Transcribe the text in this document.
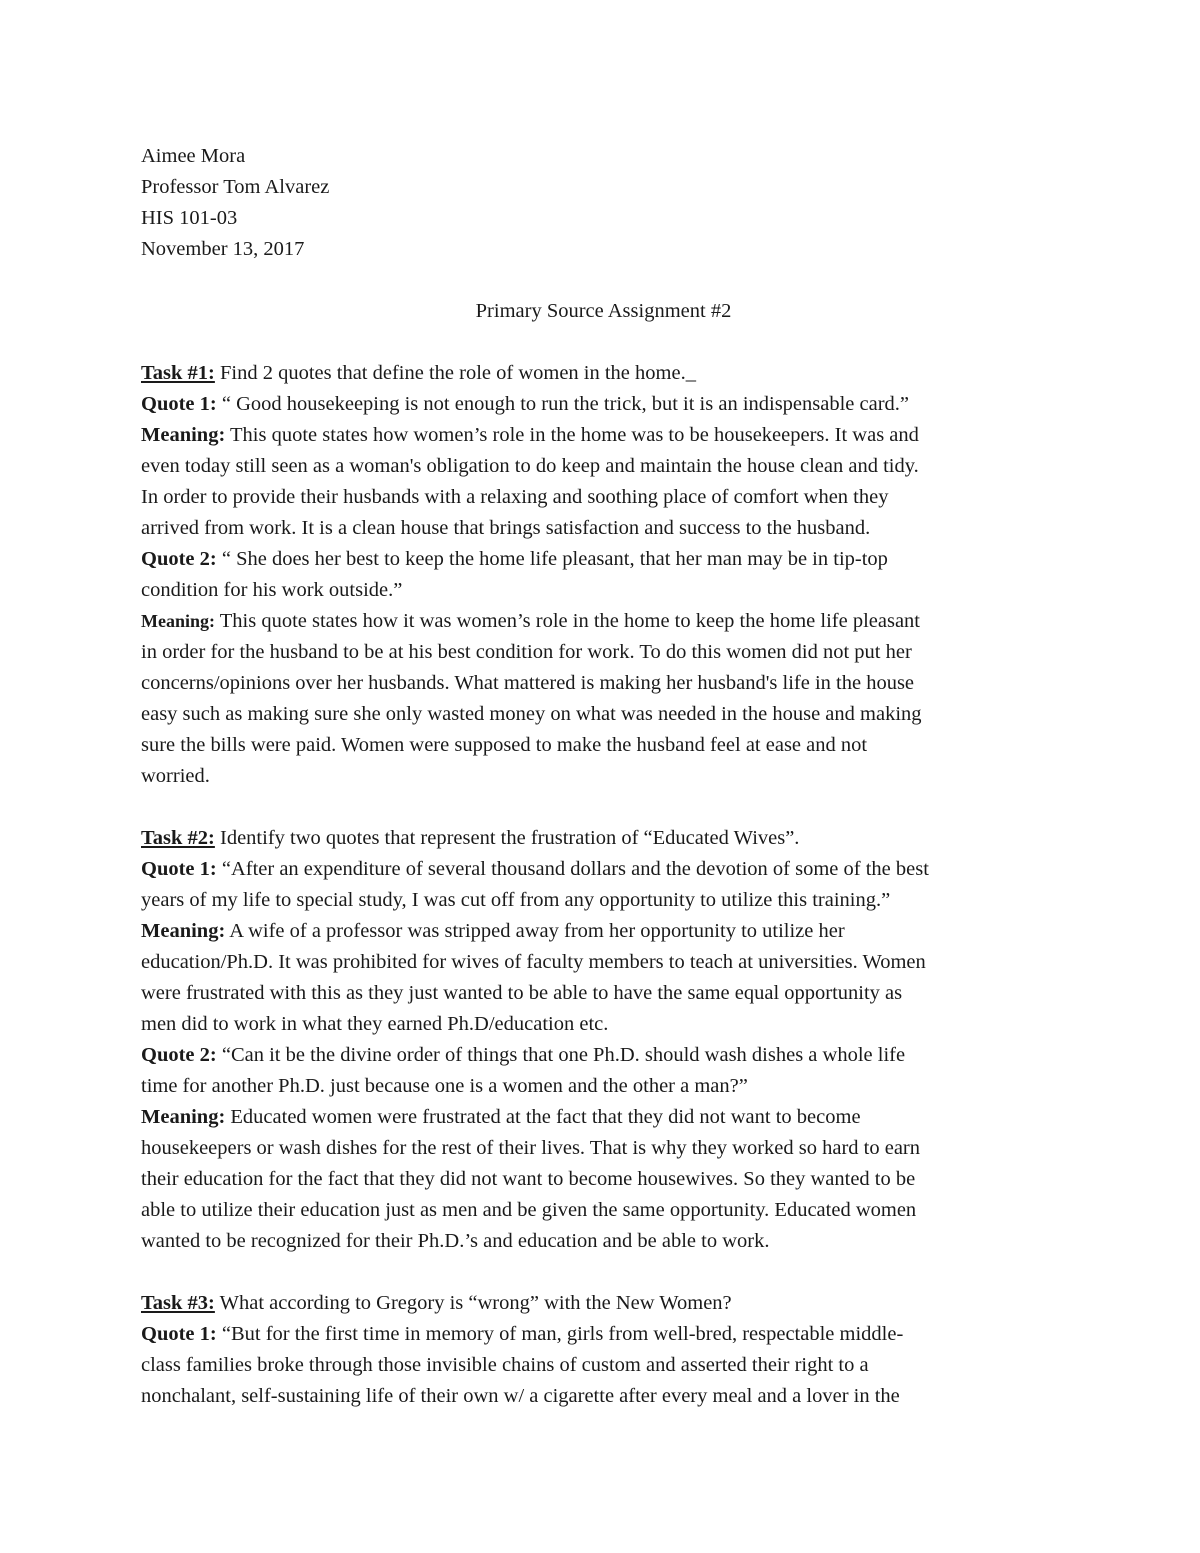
Aimee Mora
Professor Tom Alvarez
HIS 101-03
November 13, 2017
Primary Source Assignment #2
Task #1: Find 2 quotes that define the role of women in the home._
Quote 1: “ Good housekeeping is not enough to run the trick, but it is an indispensable card.”
Meaning: This quote states how women’s role in the home was to be housekeepers. It was and
even today still seen as a woman's obligation to do keep and maintain the house clean and tidy.
In order to provide their husbands with a relaxing and soothing place of comfort when they
arrived from work. It is a clean house that brings satisfaction and success to the husband.
Quote 2: “ She does her best to keep the home life pleasant, that her man may be in tip-top
condition for his work outside.”
Meaning: This quote states how it was women’s role in the home to keep the home life pleasant
in order for the husband to be at his best condition for work. To do this women did not put her
concerns/opinions over her husbands. What mattered is making her husband's life in the house
easy such as making sure she only wasted money on what was needed in the house and making
sure the bills were paid. Women were supposed to make the husband feel at ease and not
worried.
Task #2: Identify two quotes that represent the frustration of “Educated Wives”.
Quote 1: “After an expenditure of several thousand dollars and the devotion of some of the best
years of my life to special study, I was cut off from any opportunity to utilize this training.”
Meaning: A wife of a professor was stripped away from her opportunity to utilize her
education/Ph.D. It was prohibited for wives of faculty members to teach at universities. Women
were frustrated with this as they just wanted to be able to have the same equal opportunity as
men did to work in what they earned Ph.D/education etc.
Quote 2: “Can it be the divine order of things that one Ph.D. should wash dishes a whole life
time for another Ph.D. just because one is a women and the other a man?”
Meaning: Educated women were frustrated at the fact that they did not want to become
housekeepers or wash dishes for the rest of their lives. That is why they worked so hard to earn
their education for the fact that they did not want to become housewives. So they wanted to be
able to utilize their education just as men and be given the same opportunity. Educated women
wanted to be recognized for their Ph.D.’s and education and be able to work.
Task #3: What according to Gregory is “wrong” with the New Women?
Quote 1: “But for the first time in memory of man, girls from well-bred, respectable middle-
class families broke through those invisible chains of custom and asserted their right to a
nonchalant, self-sustaining life of their own w/ a cigarette after every meal and a lover in the
